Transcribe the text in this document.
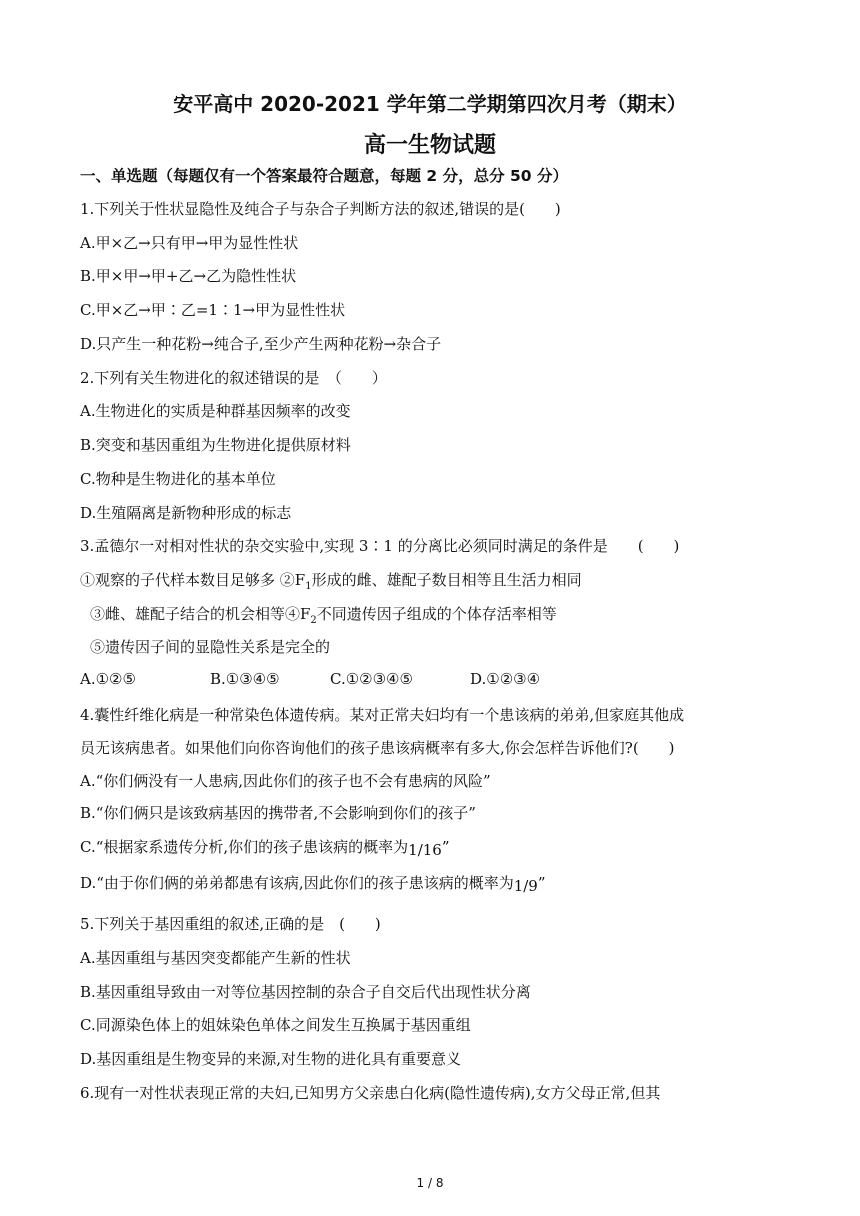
安平高中 2020-2021 学年第二学期第四次月考（期末）
高一生物试题
一、单选题（每题仅有一个答案最符合题意，每题 2 分，总分 50 分）
1.下列关于性状显隐性及纯合子与杂合子判断方法的叙述,错误的是(　　)
A.甲×乙→只有甲→甲为显性性状
B.甲×甲→甲+乙→乙为隐性性状
C.甲×乙→甲∶乙=1∶1→甲为显性性状
D.只产生一种花粉→纯合子,至少产生两种花粉→杂合子
2.下列有关生物进化的叙述错误的是　（　　）
A.生物进化的实质是种群基因频率的改变
B.突变和基因重组为生物进化提供原材料
C.物种是生物进化的基本单位
D.生殖隔离是新物种形成的标志
3.孟德尔一对相对性状的杂交实验中,实现 3∶1 的分离比必须同时满足的条件是　　(　　)
①观察的子代样本数目足够多 $②F_1$形成的雌、雄配子数目相等且生活力相同
③雌、雄配子结合的机会相等$④F_2$不同遗传因子组成的个体存活率相等
⑤遗传因子间的显隐性关系是完全的
A.①②⑤	B.①③④⑤	C.①②③④⑤	D.①②③④
4.囊性纤维化病是一种常染色体遗传病。某对正常夫妇均有一个患该病的弟弟,但家庭其他成
员无该病患者。如果他们向你咨询他们的孩子患该病概率有多大,你会怎样告诉他们?(　　)
A.“你们俩没有一人患病,因此你们的孩子也不会有患病的风险”
B.“你们俩只是该致病基因的携带者,不会影响到你们的孩子”
C.“根据家系遗传分析,你们的孩子患该病的概率为1/16”
D.“由于你们俩的弟弟都患有该病,因此你们的孩子患该病的概率为1/9”
5.下列关于基因重组的叙述,正确的是　(　　)
A.基因重组与基因突变都能产生新的性状
B.基因重组导致由一对等位基因控制的杂合子自交后代出现性状分离
C.同源染色体上的姐妹染色单体之间发生互换属于基因重组
D.基因重组是生物变异的来源,对生物的进化具有重要意义
6.现有一对性状表现正常的夫妇,已知男方父亲患白化病(隐性遗传病),女方父母正常,但其
1 / 8
